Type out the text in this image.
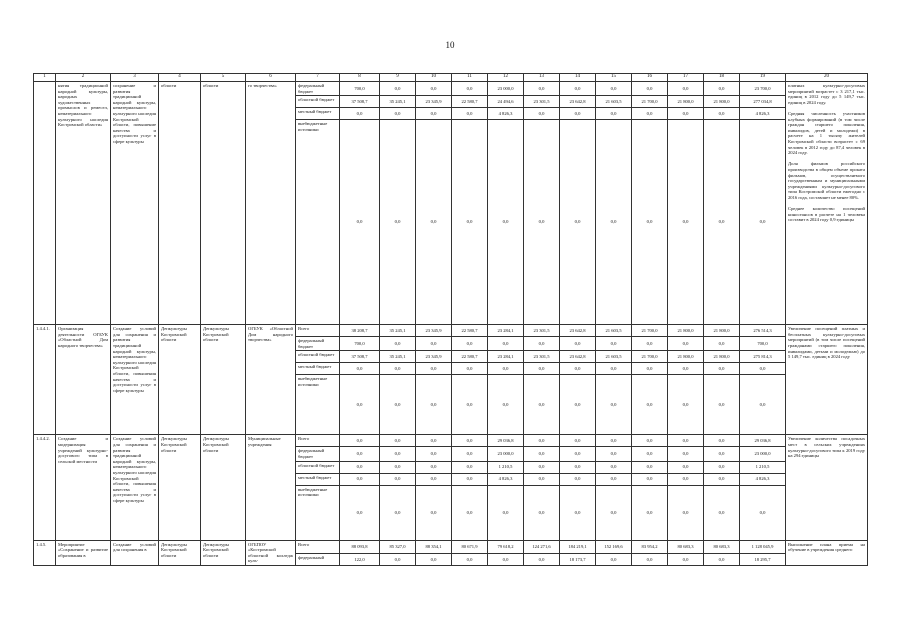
10
1	2	3	4	5	6	7	8	9	10	11	12	13	14	15	16	17	18	19	20
	нятия традиционной народной культуры, народных художественных промыслов и ремесел, нематериального культурного наследия Костромской области»	сохранение и развития традиционной народной культуры, нематериального культурного наследия Костромской области, повышение качества и доступности услуг в сфере культуры	области	области	го творчества»	федеральный бюджет	700,0	0,0	0,0	0,0	23 000,0	0,0	0,0	0,0	0,0	0,0	0,0	23 700,0	платных культурно-досуговых мероприятий возрастет с 3 217,1 тыс. единиц в 2012 году до 5 149,7 тыс. единиц в 2024 году.

Средняя численность участников клубных формирований (в том числе граждан старшего поколения, инвалидов, детей и молодежи) в расчете на 1 тысячу жителей Костромской области возрастет с 69 человек в 2012 году до 87,4 человек в 2024 году.

Доля фильмов российского производства в общем объеме проката фильмов, осуществляемого государственным и муниципальными учреждениями культурно-досугового типа Костромской области ежегодно с 2016 года, составляет не менее 80%.

Среднее количество посещений киносеансов в расчете на 1 человека составит в 2024 году 0,9 единицы
						областной бюджет	37 508,7	35 245,1	23 345,9	22 580,7	24 494,6	23 301,5	23 642,8	21 603,5	21 700,0	21 800,0	21 800,0	277 034,8	
						местный бюджет	0,0	0,0	0,0	0,0	4 826,3	0,0	0,0	0,0	0,0	0,0	0,0	4 826,3	
						внебюджетные источники	0,0	0,0	0,0	0,0	0,0	0,0	0,0	0,0	0,0	0,0	0,0	0,0	
1.4.4.1.	Организация деятельности ОГБУК «Областной Дом народного творчества»	Создание условий для сохранения и развития традиционной народной культуры, нематериального культурного наследия Костромской области, повышения качества и доступности услуг в сфере культуры	Депкультуры Костромской области	Депкультуры Костромской области	ОГБУК «Областной Дом народного творчества»	Всего	38 208,7	35 245,1	23 345,9	22 580,7	23 284,1	23 301,5	23 642,8	21 603,5	21 700,0	21 800,0	21 800,0	276 514,3	Увеличение посещений платных и бесплатных культурно-досуговых мероприятий (в том числе посещений гражданами старшего поколения, инвалидами, детьми и молодежью) до 5 149,7 тыс. единиц в 2024 году
						федеральный бюджет	700,0	0,0	0,0	0,0	0,0	0,0	0,0	0,0	0,0	0,0	0,0	700,0	
						областной бюджет	37 508,7	35 245,1	23 345,9	22 580,7	23 284,1	23 301,5	23 642,8	21 603,5	21 700,0	21 800,0	21 800,0	275 814,3	
						местный бюджет	0,0	0,0	0,0	0,0	0,0	0,0	0,0	0,0	0,0	0,0	0,0	0,0	
						внебюджетные источники	0,0	0,0	0,0	0,0	0,0	0,0	0,0	0,0	0,0	0,0	0,0	0,0	
1.4.4.2.	Создание и модернизация учреждений культурно-досугового типа в сельской местности	Создание условий для сохранения и развития традиционной народной культуры, нематериального культурного наследия Костромской области, повышения качества и доступности услуг в сфере культуры	Депкультуры Костромской области	Депкультуры Костромской области	Муниципальные учреждения	Всего	0,0	0,0	0,0	0,0	29 036,8	0,0	0,0	0,0	0,0	0,0	0,0	29 036,8	Увеличение количества посадочных мест в сельских учреждениях культурно-досугового типа к 2019 году на 294 единицы
						федеральный бюджет	0,0	0,0	0,0	0,0	23 000,0	0,0	0,0	0,0	0,0	0,0	0,0	23 000,0	
						областной бюджет	0,0	0,0	0,0	0,0	1 210,5	0,0	0,0	0,0	0,0	0,0	0,0	1 210,5	
						местный бюджет	0,0	0,0	0,0	0,0	4 826,3	0,0	0,0	0,0	0,0	0,0	0,0	4 826,3	
						внебюджетные источники	0,0	0,0	0,0	0,0	0,0	0,0	0,0	0,0	0,0	0,0	0,0	0,0	
1.4.5.	Мероприятие «Сохранение и развитие образования в	Создание условий для сохранения в	Депкультуры Костромской области	Депкультуры Костромской области	ОГБПОУ «Костромской областной колледж куль-	Всего	88 093,8	85 327,0	88 354,1	80 671,9	79 618,2	124 271,6	184 219,1	152 169,6	83 954,2	80 683,3	80 683,3	1 128 045,9	Выполнение плана приема на обучение в учреждения среднего
						федеральный	122,0	0,0	0,0	0,0	0,0	0,0	18 173,7	0,0	0,0	0,0	0,0	18 295,7	
